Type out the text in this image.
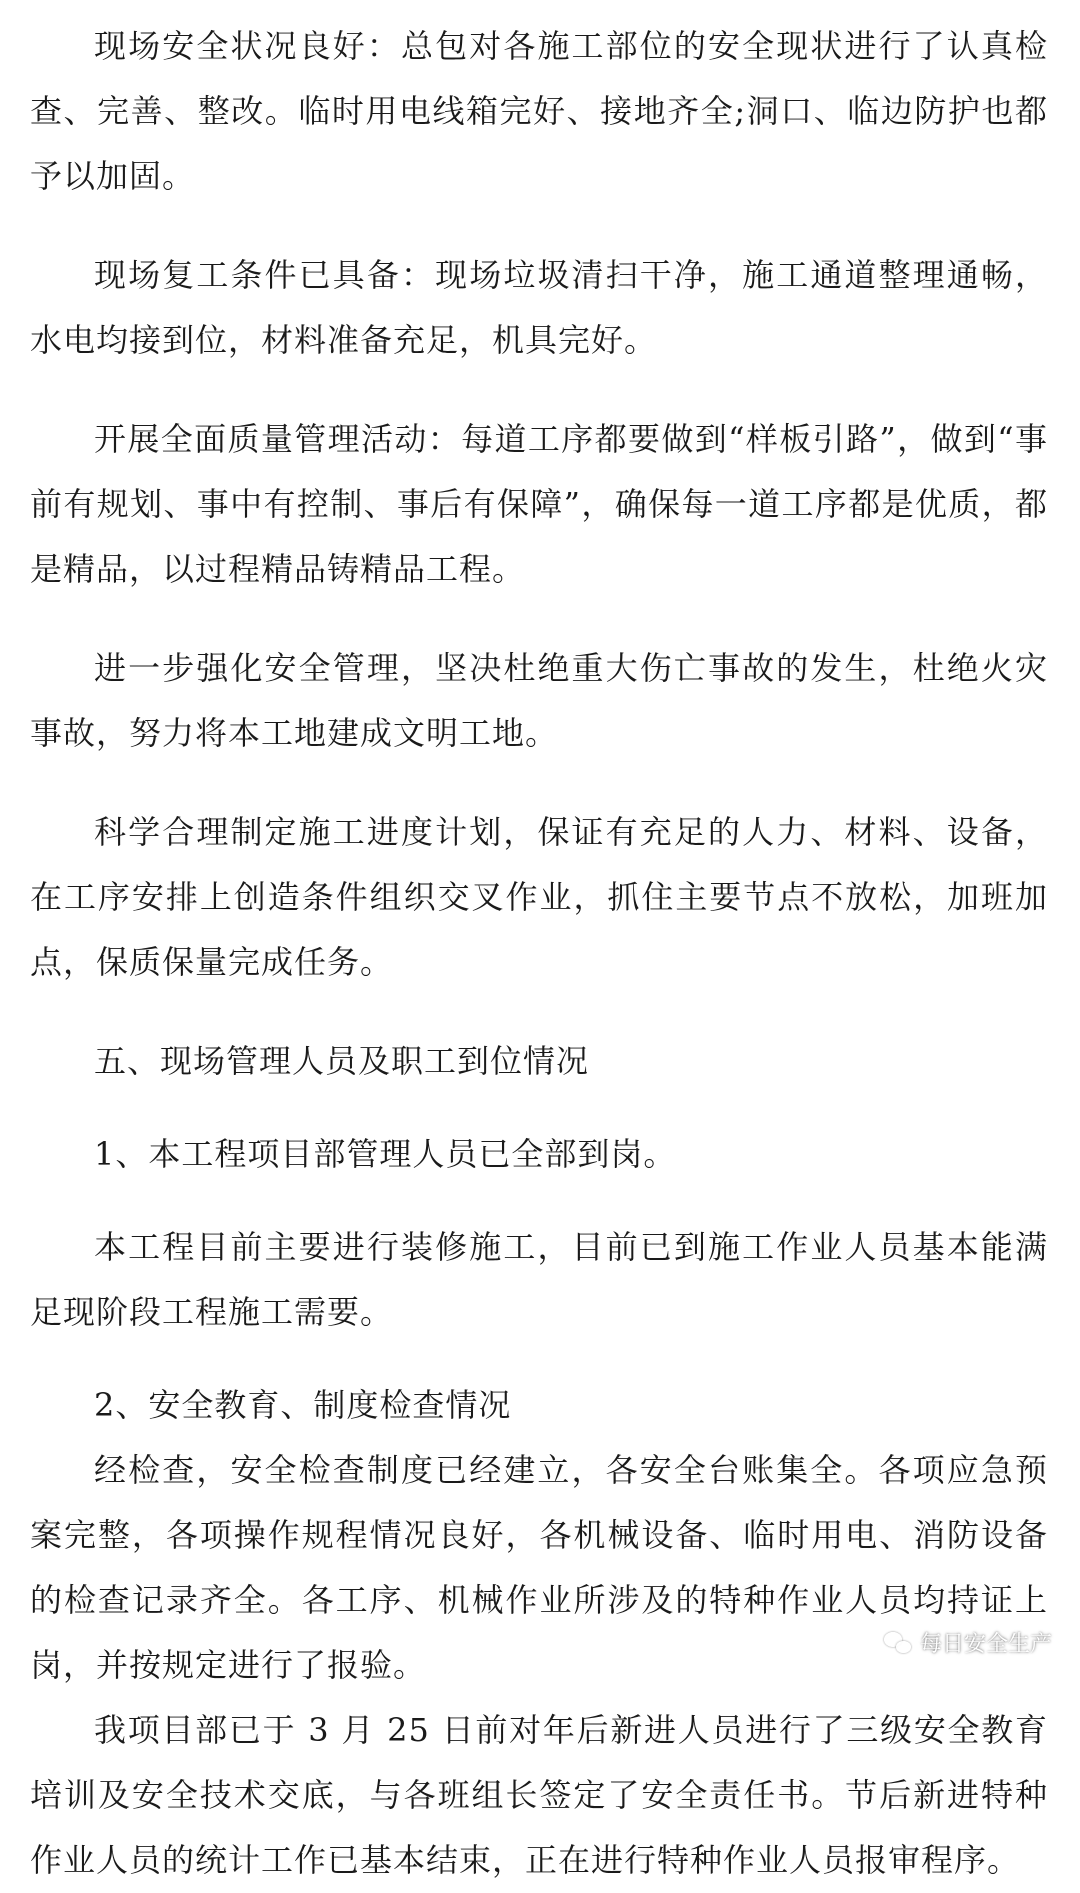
现场安全状况良好：总包对各施工部位的安全现状进行了认真检查、完善、整改。临时用电线箱完好、接地齐全;洞口、临边防护也都予以加固。

现场复工条件已具备：现场垃圾清扫干净，施工通道整理通畅，水电均接到位，材料准备充足，机具完好。

开展全面质量管理活动：每道工序都要做到“样板引路”，做到“事前有规划、事中有控制、事后有保障”，确保每一道工序都是优质，都是精品，以过程精品铸精品工程。

进一步强化安全管理，坚决杜绝重大伤亡事故的发生，杜绝火灾事故，努力将本工地建成文明工地。

科学合理制定施工进度计划，保证有充足的人力、材料、设备，在工序安排上创造条件组织交叉作业，抓住主要节点不放松，加班加点，保质保量完成任务。

五、现场管理人员及职工到位情况

1、本工程项目部管理人员已全部到岗。

本工程目前主要进行装修施工，目前已到施工作业人员基本能满足现阶段工程施工需要。

2、安全教育、制度检查情况

经检查，安全检查制度已经建立，各安全台账集全。各项应急预案完整，各项操作规程情况良好，各机械设备、临时用电、消防设备的检查记录齐全。各工序、机械作业所涉及的特种作业人员均持证上岗，并按规定进行了报验。

我项目部已于 3 月 25 日前对年后新进人员进行了三级安全教育培训及安全技术交底，与各班组长签定了安全责任书。节后新进特种作业人员的统计工作已基本结束，正在进行特种作业人员报审程序。

每日安全生产
